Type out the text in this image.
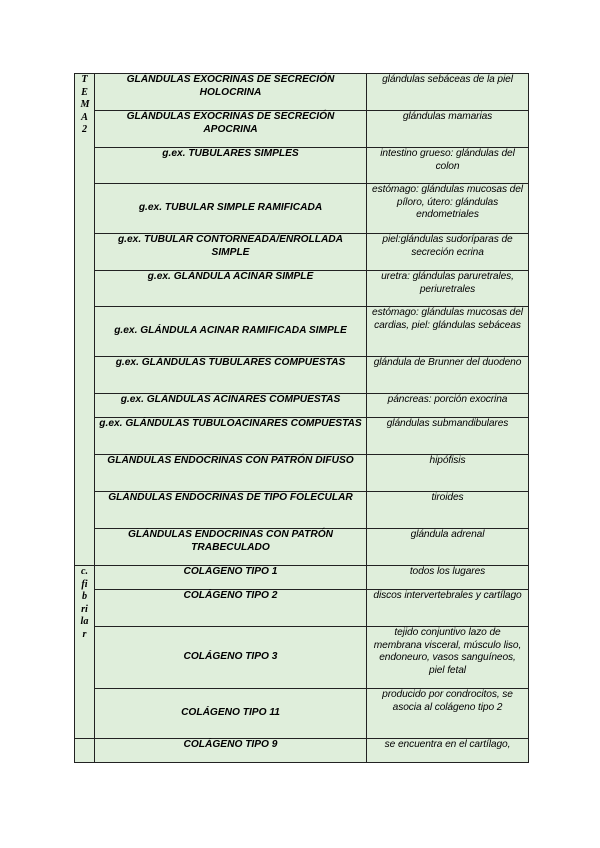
TEMA 2	GLÁNDULAS EXOCRINAS DE SECRECIÓN HOLOCRINA	glándulas sebáceas de la piel
	GLÁNDULAS EXOCRINAS DE SECRECIÓN APOCRINA	glándulas mamarias
	g.ex. TUBULARES SIMPLES	intestino grueso: glándulas del colon
	g.ex. TUBULAR SIMPLE RAMIFICADA	estómago: glándulas mucosas del píloro, útero: glándulas endometriales
	g.ex. TUBULAR CONTORNEADA/ENROLLADA SIMPLE	piel:glándulas sudoríparas de secreción ecrina
	g.ex. GLÁNDULA ACINAR SIMPLE	uretra: glándulas paruretrales, periuretrales
	g.ex. GLÁNDULA ACINAR RAMIFICADA SIMPLE	estómago: glándulas mucosas del cardias, piel: glándulas sebáceas
	g.ex. GLÁNDULAS TUBULARES COMPUESTAS	glándula de Brunner del duodeno
	g.ex. GLÁNDULAS ACINARES COMPUESTAS	páncreas: porción exocrina
	g.ex. GLÁNDULAS TUBULOACINARES COMPUESTAS	glándulas submandibulares
	GLÁNDULAS ENDOCRINAS CON PATRÓN DIFUSO	hipófisis
	GLÁNDULAS ENDOCRINAS DE TIPO FOLECULAR	tiroides
	GLÁNDULAS ENDOCRINAS CON PATRÓN TRABECULADO	glándula adrenal

c. fibrilar	COLÁGENO TIPO 1	todos los lugares
	COLÁGENO TIPO 2	discos intervertebrales y cartílago
	COLÁGENO TIPO 3	tejido conjuntivo lazo de membrana visceral, músculo liso, endoneuro, vasos sanguíneos, piel fetal
	COLÁGENO TIPO 11	producido por condrocitos, se asocia al colágeno tipo 2

	COLÁGENO TIPO 9	se encuentra en el cartílago,
